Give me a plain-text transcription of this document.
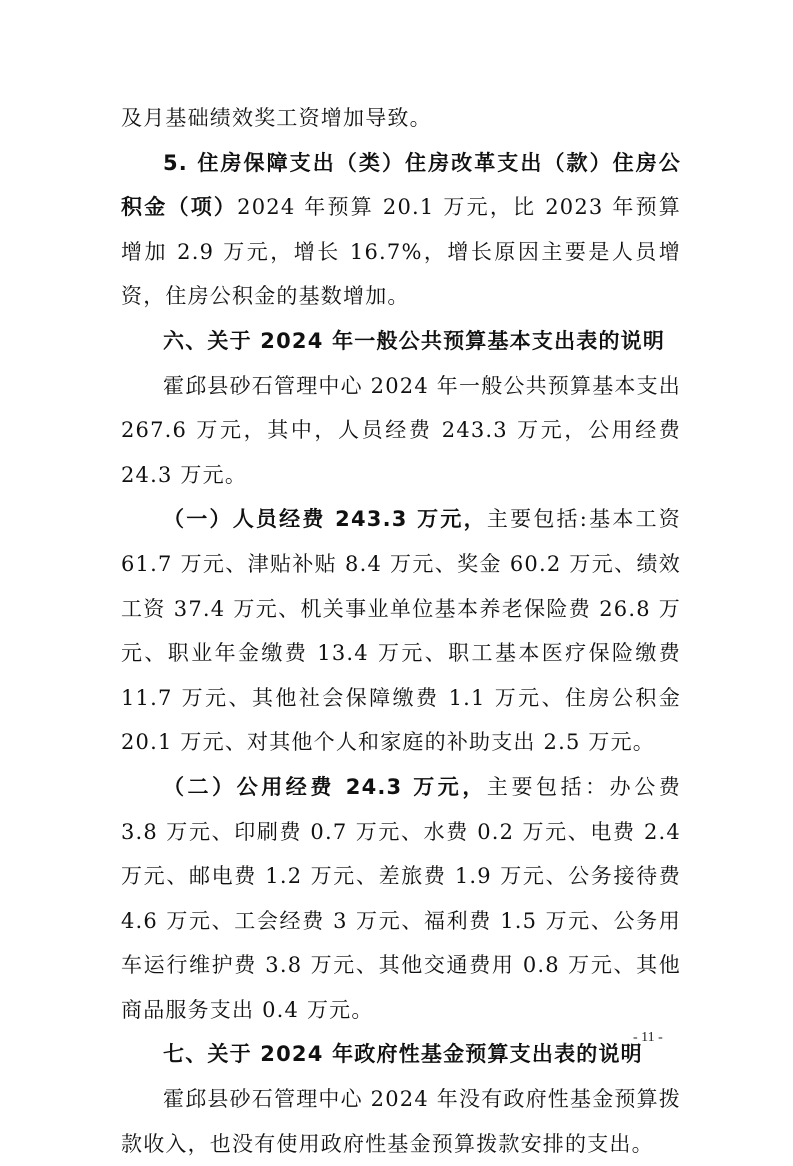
及月基础绩效奖工资增加导致。

5. 住房保障支出（类）住房改革支出（款）住房公积金（项）2024 年预算 20.1 万元，比 2023 年预算增加 2.9 万元，增长 16.7%，增长原因主要是人员增资，住房公积金的基数增加。

六、关于 2024 年一般公共预算基本支出表的说明

霍邱县砂石管理中心 2024 年一般公共预算基本支出 267.6 万元，其中，人员经费 243.3 万元，公用经费 24.3 万元。

（一）人员经费 243.3 万元，主要包括:基本工资 61.7 万元、津贴补贴 8.4 万元、奖金 60.2 万元、绩效工资 37.4 万元、机关事业单位基本养老保险费 26.8 万元、职业年金缴费 13.4 万元、职工基本医疗保险缴费 11.7 万元、其他社会保障缴费 1.1 万元、住房公积金 20.1 万元、对其他个人和家庭的补助支出 2.5 万元。

（二）公用经费 24.3 万元，主要包括：办公费 3.8 万元、印刷费 0.7 万元、水费 0.2 万元、电费 2.4 万元、邮电费 1.2 万元、差旅费 1.9 万元、公务接待费 4.6 万元、工会经费 3 万元、福利费 1.5 万元、公务用车运行维护费 3.8 万元、其他交通费用 0.8 万元、其他商品服务支出 0.4 万元。

七、关于 2024 年政府性基金预算支出表的说明

霍邱县砂石管理中心 2024 年没有政府性基金预算拨款收入，也没有使用政府性基金预算拨款安排的支出。

- 11 -
